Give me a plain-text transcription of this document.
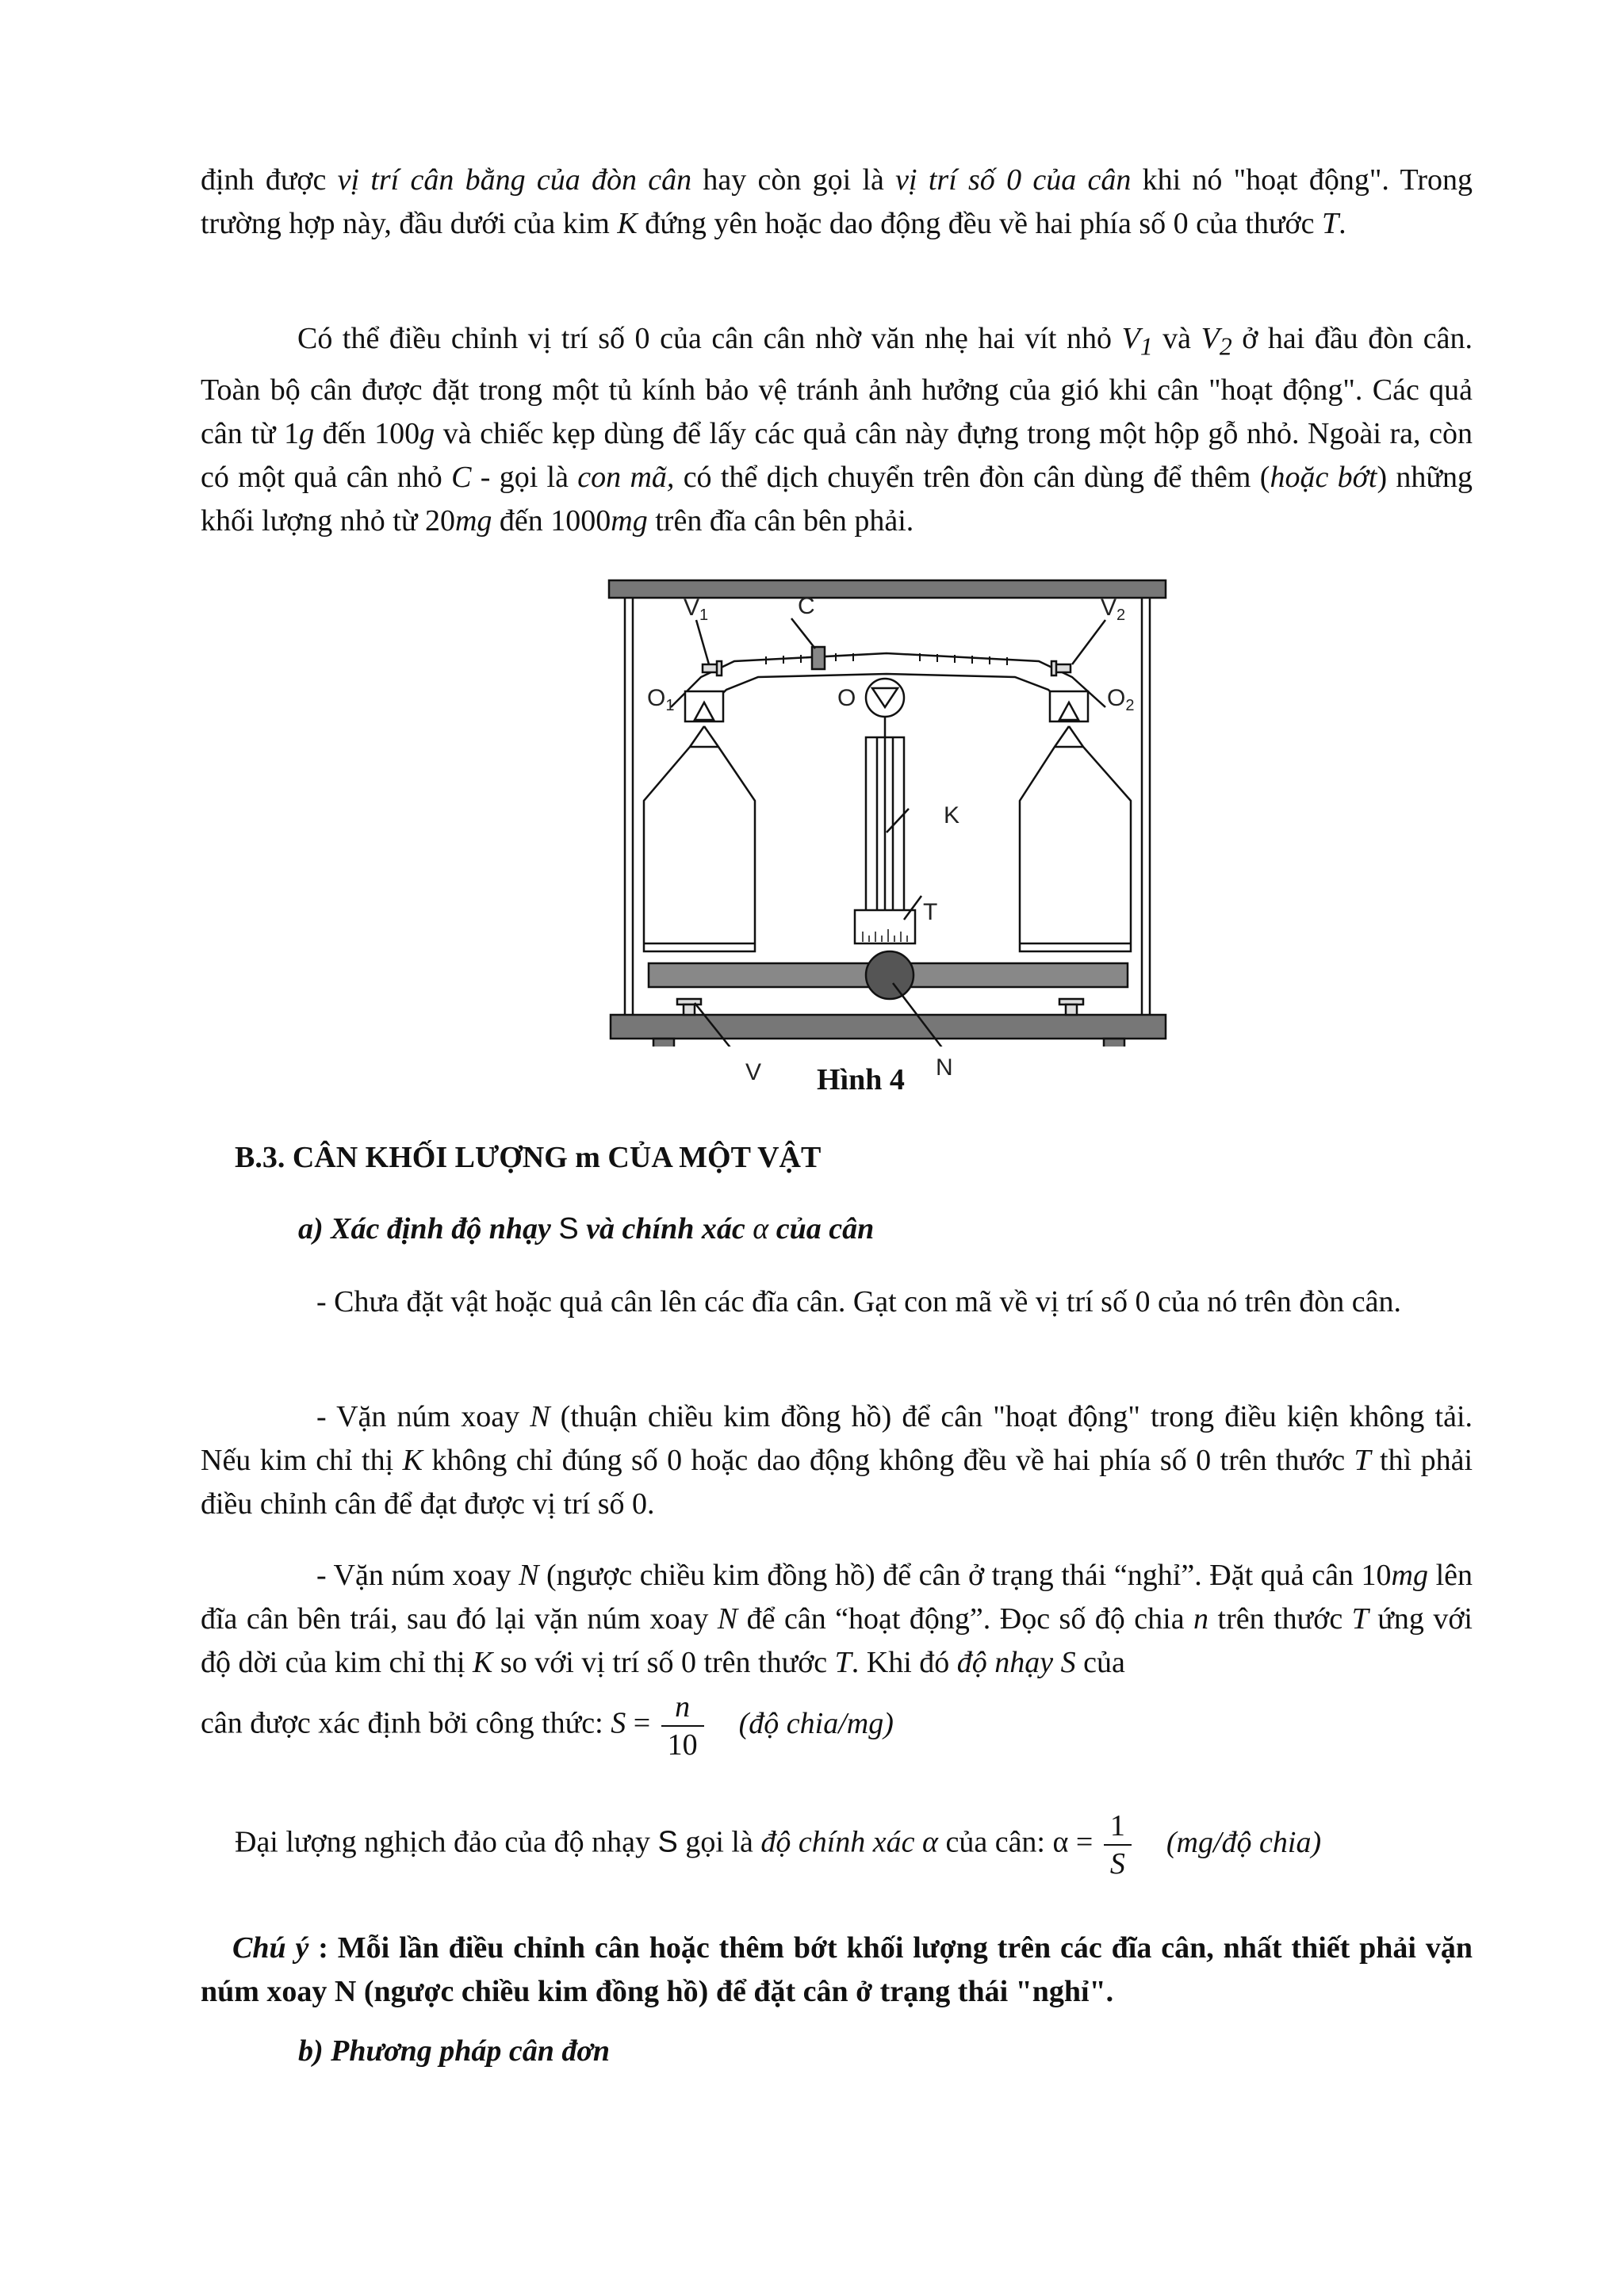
định được vị trí cân bằng của đòn cân hay còn gọi là vị trí số 0 của cân khi nó "hoạt động". Trong trường hợp này, đầu dưới của kim K đứng yên hoặc dao động đều về hai phía số 0 của thước T.

Có thể điều chỉnh vị trí số 0 của cân cân nhờ văn nhẹ hai vít nhỏ $V_1$ và $V_2$ ở hai đầu đòn cân. Toàn bộ cân được đặt trong một tủ kính bảo vệ tránh ảnh hưởng của gió khi cân "hoạt động". Các quả cân từ 1g đến 100g và chiếc kẹp dùng để lấy các quả cân này đựng trong một hộp gỗ nhỏ. Ngoài ra, còn có một quả cân nhỏ C - gọi là con mã, có thể dịch chuyển trên đòn cân dùng để thêm (hoặc bớt) những khối lượng nhỏ từ 20mg đến 1000mg trên đĩa cân bên phải.

$V_1$	C	$V_2$
$O_1$	O	$O_2$
K
T

V	N

Hình 4

B.3. CÂN KHỐI LƯỢNG m CỦA MỘT VẬT

a) Xác định độ nhạy S và chính xác α của cân

- Chưa đặt vật hoặc quả cân lên các đĩa cân. Gạt con mã về vị trí số 0 của nó trên đòn cân.

- Vặn núm xoay N (thuận chiều kim đồng hồ) để cân "hoạt động" trong điều kiện không tải. Nếu kim chỉ thị K không chỉ đúng số 0 hoặc dao động không đều về hai phía số 0 trên thước T thì phải điều chỉnh cân để đạt được vị trí số 0.

- Vặn núm xoay N (ngược chiều kim đồng hồ) để cân ở trạng thái “nghỉ”. Đặt quả cân 10mg lên đĩa cân bên trái, sau đó lại vặn núm xoay N để cân “hoạt động”. Đọc số độ chia n trên thước T ứng với độ dời của kim chỉ thị K so với vị trí số 0 trên thước T. Khi đó độ nhạy S của

cân được xác định bởi công thức: $S = \frac{n}{10}$ (độ chia/mg)
Đại lượng nghịch đảo của độ nhạy S gọi là độ chính xác α của cân: $\alpha = \frac{1}{S}$ (mg/độ chia)

Chú ý : Mỗi lần điều chỉnh cân hoặc thêm bớt khối lượng trên các đĩa cân, nhất thiết phải vặn núm xoay N (ngược chiều kim đồng hồ) để đặt cân ở trạng thái "nghỉ".

b) Phương pháp cân đơn
